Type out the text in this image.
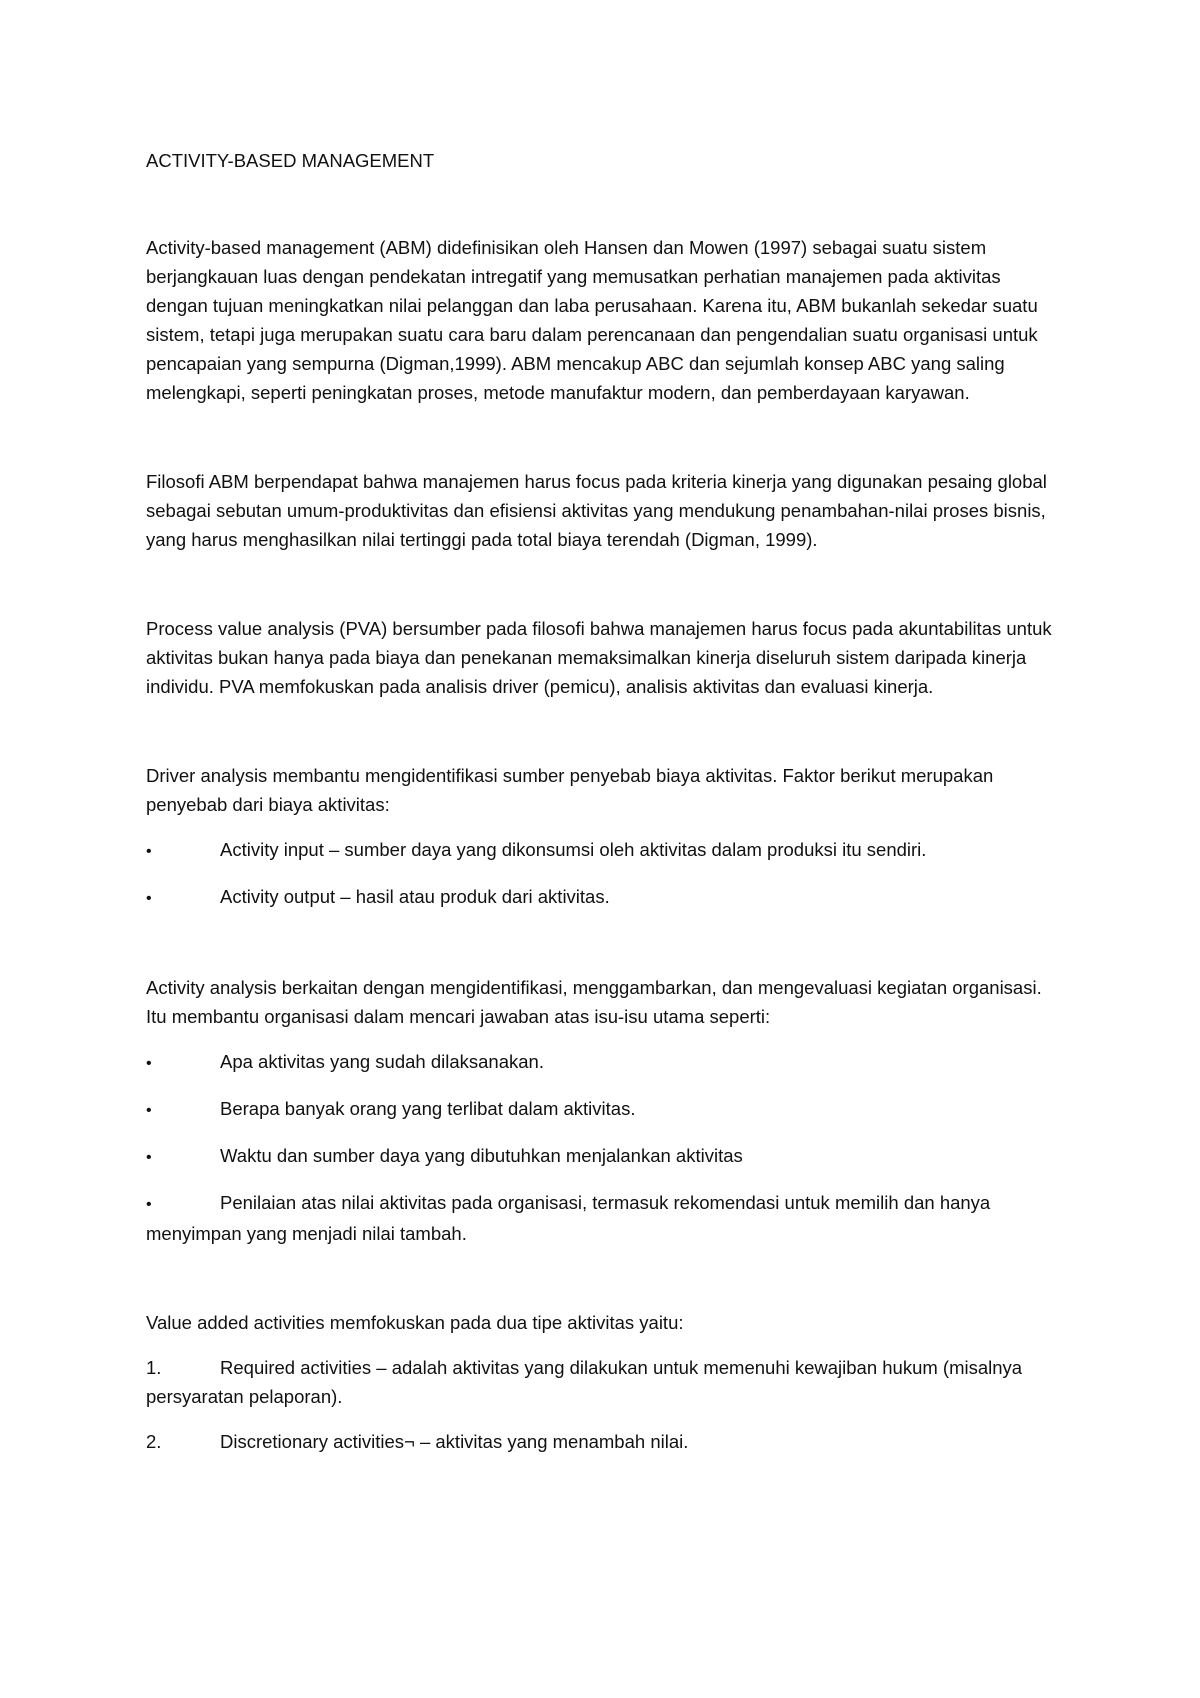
ACTIVITY-BASED MANAGEMENT

Activity-based management (ABM) didefinisikan oleh Hansen dan Mowen (1997) sebagai suatu sistem berjangkauan luas dengan pendekatan intregatif yang memusatkan perhatian manajemen pada aktivitas dengan tujuan meningkatkan nilai pelanggan dan laba perusahaan. Karena itu, ABM bukanlah sekedar suatu sistem, tetapi juga merupakan suatu cara baru dalam perencanaan dan pengendalian suatu organisasi untuk pencapaian yang sempurna (Digman,1999). ABM mencakup ABC dan sejumlah konsep ABC yang saling melengkapi, seperti peningkatan proses, metode manufaktur modern, dan pemberdayaan karyawan.

Filosofi ABM berpendapat bahwa manajemen harus focus pada kriteria kinerja yang digunakan pesaing global sebagai sebutan umum-produktivitas dan efisiensi aktivitas yang mendukung penambahan-nilai proses bisnis, yang harus menghasilkan nilai tertinggi pada total biaya terendah (Digman, 1999).

Process value analysis (PVA) bersumber pada filosofi bahwa manajemen harus focus pada akuntabilitas untuk aktivitas bukan hanya pada biaya dan penekanan memaksimalkan kinerja diseluruh sistem daripada kinerja individu. PVA memfokuskan pada analisis driver (pemicu), analisis aktivitas dan evaluasi kinerja.

Driver analysis membantu mengidentifikasi sumber penyebab biaya aktivitas. Faktor berikut merupakan penyebab dari biaya aktivitas:

•	Activity input – sumber daya yang dikonsumsi oleh aktivitas dalam produksi itu sendiri.

•	Activity output – hasil atau produk dari aktivitas.

Activity analysis berkaitan dengan mengidentifikasi, menggambarkan, dan mengevaluasi kegiatan organisasi. Itu membantu organisasi dalam mencari jawaban atas isu-isu utama seperti:

•	Apa aktivitas yang sudah dilaksanakan.

•	Berapa banyak orang yang terlibat dalam aktivitas.

•	Waktu dan sumber daya yang dibutuhkan menjalankan aktivitas

•	Penilaian atas nilai aktivitas pada organisasi, termasuk rekomendasi untuk memilih dan hanya menyimpan yang menjadi nilai tambah.

Value added activities memfokuskan pada dua tipe aktivitas yaitu:

1.	Required activities – adalah aktivitas yang dilakukan untuk memenuhi kewajiban hukum (misalnya persyaratan pelaporan).

2.	Discretionary activities¬ – aktivitas yang menambah nilai.
